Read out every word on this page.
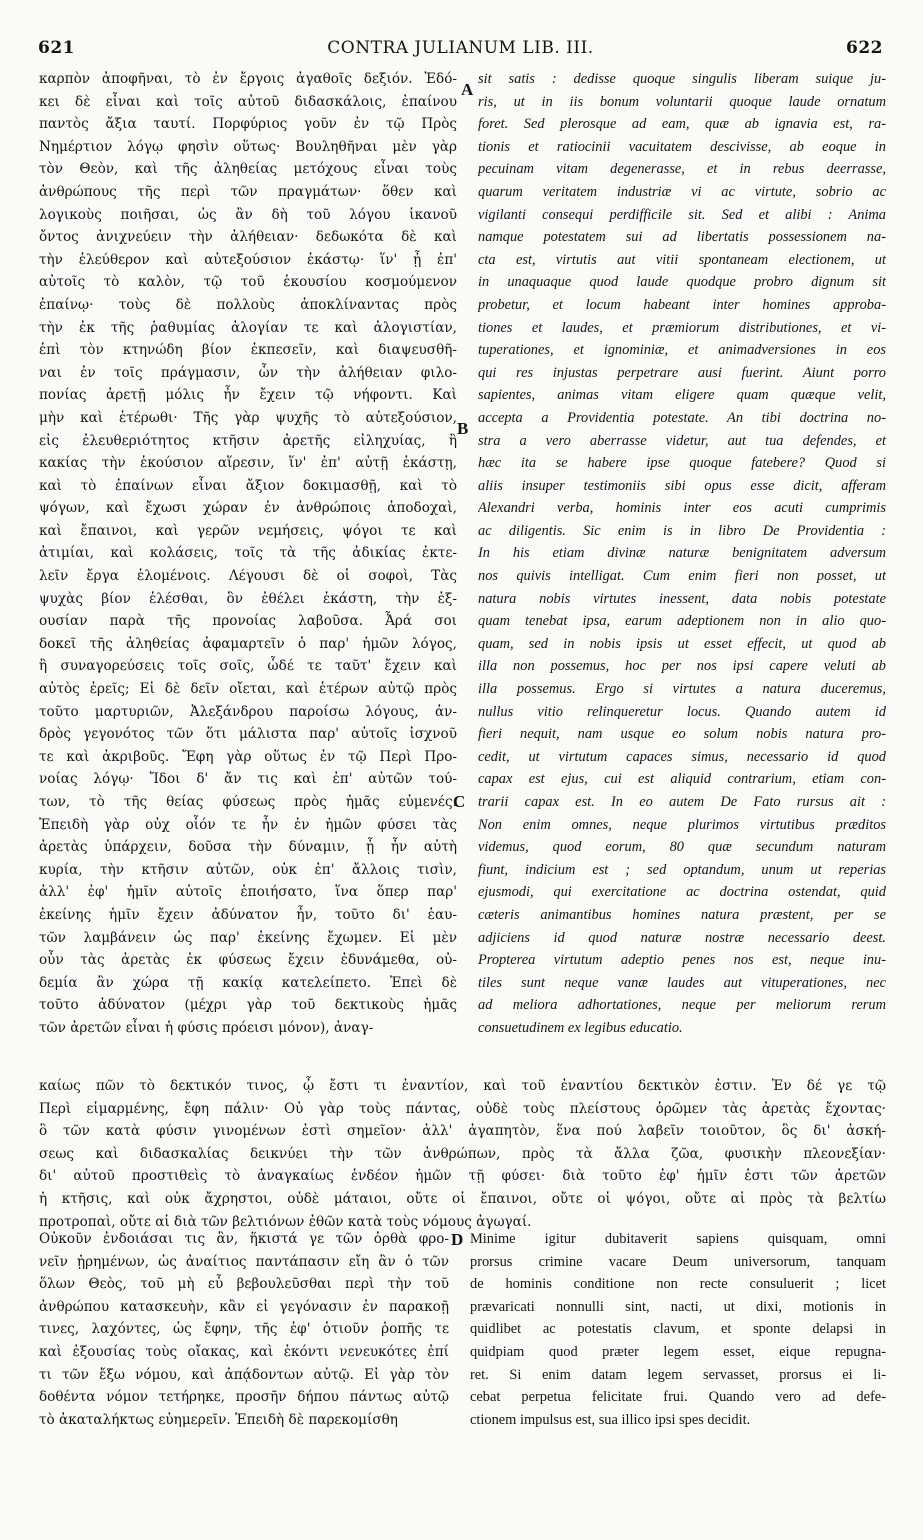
621	CONTRA JULIANUM LIB. III.	622
A
B
C
D
καρπὸν ἀποφῆναι, τὸ ἐν ἔργοις ἀγαθοῖς δεξιόν. Ἐδό-
κει δὲ εἶναι καὶ τοῖς αὐτοῦ διδασκάλοις, ἐπαίνου
παντὸς ἄξια ταυτί. Πορφύριος γοῦν ἐν τῷ Πρὸς
Νημέρτιον λόγῳ φησὶν οὕτως· Βουληθῆναι μὲν γὰρ
τὸν Θεὸν, καὶ τῆς ἀληθείας μετόχους εἶναι τοὺς
ἀνθρώπους τῆς περὶ τῶν πραγμάτων· ὅθεν καὶ
λογικοὺς ποιῆσαι, ὡς ἂν δὴ τοῦ λόγου ἱκανοῦ
ὄντος ἀνιχνεύειν τὴν ἀλήθειαν· δεδωκότα δὲ καὶ
τὴν ἐλεύθερον καὶ αὐτεξούσιον ἑκάστῳ· ἵν' ᾖ ἐπ'
αὐτοῖς τὸ καλὸν, τῷ τοῦ ἑκουσίου κοσμούμενον
ἐπαίνῳ· τοὺς δὲ πολλοὺς ἀποκλίναντας πρὸς
τὴν ἐκ τῆς ῥαθυμίας ἀλογίαν τε καὶ ἀλογιστίαν,
ἐπὶ τὸν κτηνώδη βίον ἐκπεσεῖν, καὶ διαψευσθῆ-
ναι ἐν τοῖς πράγμασιν, ὧν τὴν ἀλήθειαν φιλο-
πονίας ἀρετῇ μόλις ἦν ἔχειν τῷ νήφοντι. Καὶ
μὴν καὶ ἑτέρωθι· Τῆς γὰρ ψυχῆς τὸ αὐτεξούσιον,
εἰς ἐλευθεριότητος κτῆσιν ἀρετῆς εἰληχυίας, ἢ
κακίας τὴν ἑκούσιον αἵρεσιν, ἵν' ἐπ' αὐτῇ ἑκάστῃ,
καὶ τὸ ἐπαίνων εἶναι ἄξιον δοκιμασθῇ, καὶ τὸ
ψόγων, καὶ ἔχωσι χώραν ἐν ἀνθρώποις ἀποδοχαὶ,
καὶ ἔπαινοι, καὶ γερῶν νεμήσεις, ψόγοι τε καὶ
ἀτιμίαι, καὶ κολάσεις, τοῖς τὰ τῆς ἀδικίας ἐκτε-
λεῖν ἔργα ἑλομένοις. Λέγουσι δὲ οἱ σοφοὶ, Τὰς
ψυχὰς βίον ἑλέσθαι, ὃν ἐθέλει ἑκάστη, τὴν ἐξ-
ουσίαν παρὰ τῆς προνοίας λαβοῦσα. Ἆρά σοι
δοκεῖ τῆς ἀληθείας ἀφαμαρτεῖν ὁ παρ' ἡμῶν λόγος,
ἢ συναγορεύσεις τοῖς σοῖς, ὧδέ τε ταῦτ' ἔχειν καὶ
αὐτὸς ἐρεῖς; Εἰ δὲ δεῖν οἴεται, καὶ ἑτέρων αὐτῷ πρὸς
τοῦτο μαρτυριῶν, Ἀλεξάνδρου παροίσω λόγους, ἀν-
δρὸς γεγονότος τῶν ὅτι μάλιστα παρ' αὐτοῖς ἰσχνοῦ
τε καὶ ἀκριβοῦς. Ἔφη γὰρ οὕτως ἐν τῷ Περὶ Προ-
νοίας λόγῳ· Ἴδοι δ' ἄν τις καὶ ἐπ' αὐτῶν τού-
των, τὸ τῆς θείας φύσεως πρὸς ἡμᾶς εὐμενές.
Ἐπειδὴ γὰρ οὐχ οἷόν τε ἦν ἐν ἡμῶν φύσει τὰς
ἀρετὰς ὑπάρχειν, δοῦσα τὴν δύναμιν, ᾗ ἦν αὐτὴ
κυρία, τὴν κτῆσιν αὐτῶν, οὐκ ἐπ' ἄλλοις τισὶν,
ἀλλ' ἐφ' ἡμῖν αὐτοῖς ἐποιήσατο, ἵνα ὅπερ παρ'
ἐκείνης ἡμῖν ἔχειν ἀδύνατον ἦν, τοῦτο δι' ἑαυ-
τῶν λαμβάνειν ὡς παρ' ἐκείνης ἔχωμεν. Εἰ μὲν
οὖν τὰς ἀρετὰς ἐκ φύσεως ἔχειν ἐδυνάμεθα, οὐ-
δεμία ἂν χώρα τῇ κακίᾳ κατελείπετο. Ἐπεὶ δὲ
τοῦτο ἀδύνατον (μέχρι γὰρ τοῦ δεκτικοὺς ἡμᾶς
τῶν ἀρετῶν εἶναι ἡ φύσις πρόεισι μόνον), ἀναγ-
sit satis : dedisse quoque singulis liberam suique ju-
ris, ut in iis bonum voluntarii quoque laude ornatum
foret. Sed plerosque ad eam, quæ ab ignavia est, ra-
tionis et ratiocinii vacuitatem descivisse, ab eoque in
pecuinam vitam degenerasse, et in rebus deerrasse,
quarum veritatem industriæ vi ac virtute, sobrio ac
vigilanti consequi perdifficile sit. Sed et alibi : Anima
namque potestatem sui ad libertatis possessionem na-
cta est, virtutis aut vitii spontaneam electionem, ut
in unaquaque quod laude quodque probro dignum sit
probetur, et locum habeant inter homines approba-
tiones et laudes, et præmiorum distributiones, et vi-
tuperationes, et ignominiæ, et animadversiones in eos
qui res injustas perpetrare ausi fuerint. Aiunt porro
sapientes, animas vitam eligere quam quæque velit,
accepta a Providentia potestate. An tibi doctrina no-
stra a vero aberrasse videtur, aut tua defendes, et
hæc ita se habere ipse quoque fatebere? Quod si
aliis insuper testimoniis sibi opus esse dicit, afferam
Alexandri verba, hominis inter eos acuti cumprimis
ac diligentis. Sic enim is in libro De Providentia :
In his etiam divinæ naturæ benignitatem adversum
nos quivis intelligat. Cum enim fieri non posset, ut
natura nobis virtutes inessent, data nobis potestate
quam tenebat ipsa, earum adeptionem non in alio quo-
quam, sed in nobis ipsis ut esset effecit, ut quod ab
illa non possemus, hoc per nos ipsi capere veluti ab
illa possemus. Ergo si virtutes a natura duceremus,
nullus vitio relinqueretur locus. Quando autem id
fieri nequit, nam usque eo solum nobis natura pro-
cedit, ut virtutum capaces simus, necessario id quod
capax est ejus, cui est aliquid contrarium, etiam con-
trarii capax est. In eo autem De Fato rursus ait :
Non enim omnes, neque plurimos virtutibus præditos
videmus, quod eorum, 80 quæ secundum naturam
fiunt, indicium est ; sed optandum, unum ut reperias
ejusmodi, qui exercitatione ac doctrina ostendat, quid
cæteris animantibus homines natura præstent, per se
adjiciens id quod naturæ nostræ necessario deest.
Propterea virtutum adeptio penes nos est, neque inu-
tiles sunt neque vanæ laudes aut vituperationes, nec
ad meliora adhortationes, neque per meliorum rerum
consuetudinem ex legibus educatio.
καίως πῶν τὸ δεκτικόν τινος, ᾧ ἔστι τι ἐναντίον, καὶ τοῦ ἐναντίου δεκτικὸν ἐστιν. Ἐν δέ γε τῷ
Περὶ εἱμαρμένης, ἔφη πάλιν· Οὐ γὰρ τοὺς πάντας, οὐδὲ τοὺς πλείστους ὁρῶμεν τὰς ἀρετὰς ἔχοντας·
ὃ τῶν κατὰ φύσιν γινομένων ἐστὶ σημεῖον· ἀλλ' ἀγαπητὸν, ἕνα πού λαβεῖν τοιοῦτον, ὃς δι' ἀσκή-
σεως καὶ διδασκαλίας δεικνύει τὴν τῶν ἀνθρώπων, πρὸς τὰ ἄλλα ζῶα, φυσικὴν πλεονεξίαν·
δι' αὐτοῦ προστιθεὶς τὸ ἀναγκαίως ἐνδέον ἡμῶν τῇ φύσει· διὰ τοῦτο ἐφ' ἡμῖν ἐστι τῶν ἀρετῶν
ἡ κτῆσις, καὶ οὐκ ἄχρηστοι, οὐδὲ μάταιοι, οὔτε οἱ ἔπαινοι, οὔτε οἱ ψόγοι, οὔτε αἱ πρὸς τὰ βελτίω
προτροπαὶ, οὔτε αἱ διὰ τῶν βελτιόνων ἐθῶν κατὰ τοὺς νόμους ἀγωγαί.
Οὐκοῦν ἐνδοιάσαι τις ἂν, ἥκιστά γε τῶν ὀρθὰ φρο-
νεῖν ᾑρημένων, ὡς ἀναίτιος παντάπασιν εἴη ἂν ὁ τῶν
ὅλων Θεὸς, τοῦ μὴ εὖ βεβουλεῦσθαι περὶ τὴν τοῦ
ἀνθρώπου κατασκευὴν, κἂν εἰ γεγόνασιν ἐν παρακοῇ
τινες, λαχόντες, ὡς ἔφην, τῆς ἐφ' ὁτιοῦν ῥοπῆς τε
καὶ ἐξουσίας τοὺς οἴακας, καὶ ἑκόντι νενευκότες ἐπί
τι τῶν ἔξω νόμου, καὶ ἀπᾴδοντων αὐτῷ. Εἰ γὰρ τὸν
δοθέντα νόμον τετήρηκε, προσῆν δήπου πάντως αὐτῷ
τὸ ἀκαταλήκτως εὐημερεῖν. Ἐπειδὴ δὲ παρεκομίσθη
Minime igitur dubitaverit sapiens quisquam, omni
prorsus crimine vacare Deum universorum, tanquam
de hominis conditione non recte consuluerit ; licet
prævaricati nonnulli sint, nacti, ut dixi, motionis in
quidlibet ac potestatis clavum, et sponte delapsi in
quidpiam quod præter legem esset, eique repugna-
ret. Si enim datam legem servasset, prorsus ei li-
cebat perpetua felicitate frui. Quando vero ad defe-
ctionem impulsus est, sua illico ipsi spes decidit.
